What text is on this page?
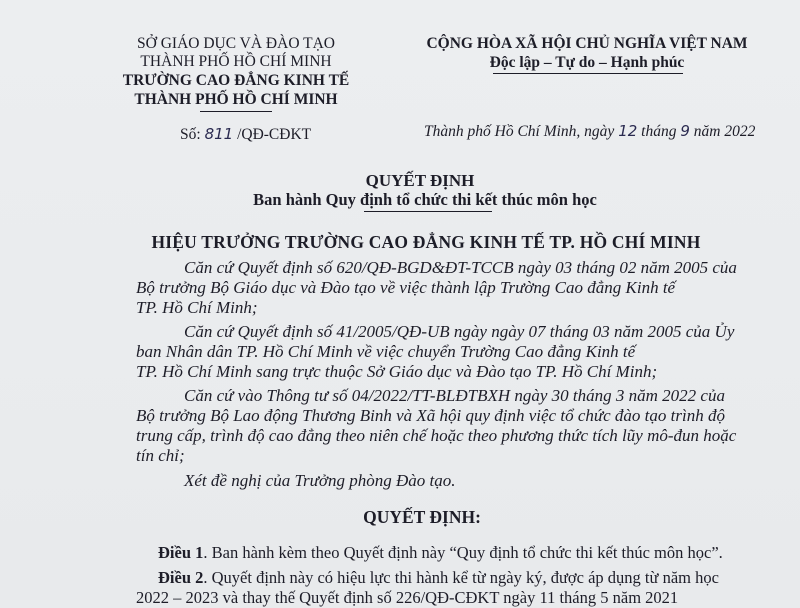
SỞ GIÁO DỤC VÀ ĐÀO TẠO
THÀNH PHỐ HỒ CHÍ MINH
TRƯỜNG CAO ĐẲNG KINH TẾ
THÀNH PHỐ HỒ CHÍ MINH
Số: 811 /QĐ-CĐKT
CỘNG HÒA XÃ HỘI CHỦ NGHĨA VIỆT NAM
Độc lập – Tự do – Hạnh phúc
Thành phố Hồ Chí Minh, ngày 12 tháng 9 năm 2022
QUYẾT ĐỊNH
Ban hành Quy định tổ chức thi kết thúc môn học
HIỆU TRƯỞNG TRƯỜNG CAO ĐẲNG KINH TẾ TP. HỒ CHÍ MINH
Căn cứ Quyết định số 620/QĐ-BGD&ĐT-TCCB ngày 03 tháng 02 năm 2005 của
Bộ trưởng Bộ Giáo dục và Đào tạo về việc thành lập Trường Cao đẳng Kinh tế
TP. Hồ Chí Minh;
Căn cứ Quyết định số 41/2005/QĐ-UB ngày ngày 07 tháng 03 năm 2005 của Ủy
ban Nhân dân TP. Hồ Chí Minh về việc chuyển Trường Cao đẳng Kinh tế
TP. Hồ Chí Minh sang trực thuộc Sở Giáo dục và Đào tạo TP. Hồ Chí Minh;
Căn cứ vào Thông tư số 04/2022/TT-BLĐTBXH ngày 30 tháng 3 năm 2022 của
Bộ trưởng Bộ Lao động Thương Binh và Xã hội quy định việc tổ chức đào tạo trình độ
trung cấp, trình độ cao đẳng theo niên chế hoặc theo phương thức tích lũy mô-đun hoặc
tín chỉ;
Xét đề nghị của Trưởng phòng Đào tạo.
QUYẾT ĐỊNH:
Điều 1. Ban hành kèm theo Quyết định này “Quy định tổ chức thi kết thúc môn học”.
Điều 2. Quyết định này có hiệu lực thi hành kể từ ngày ký, được áp dụng từ năm học
2022 – 2023 và thay thế Quyết định số 226/QĐ-CĐKT ngày 11 tháng 5 năm 2021
